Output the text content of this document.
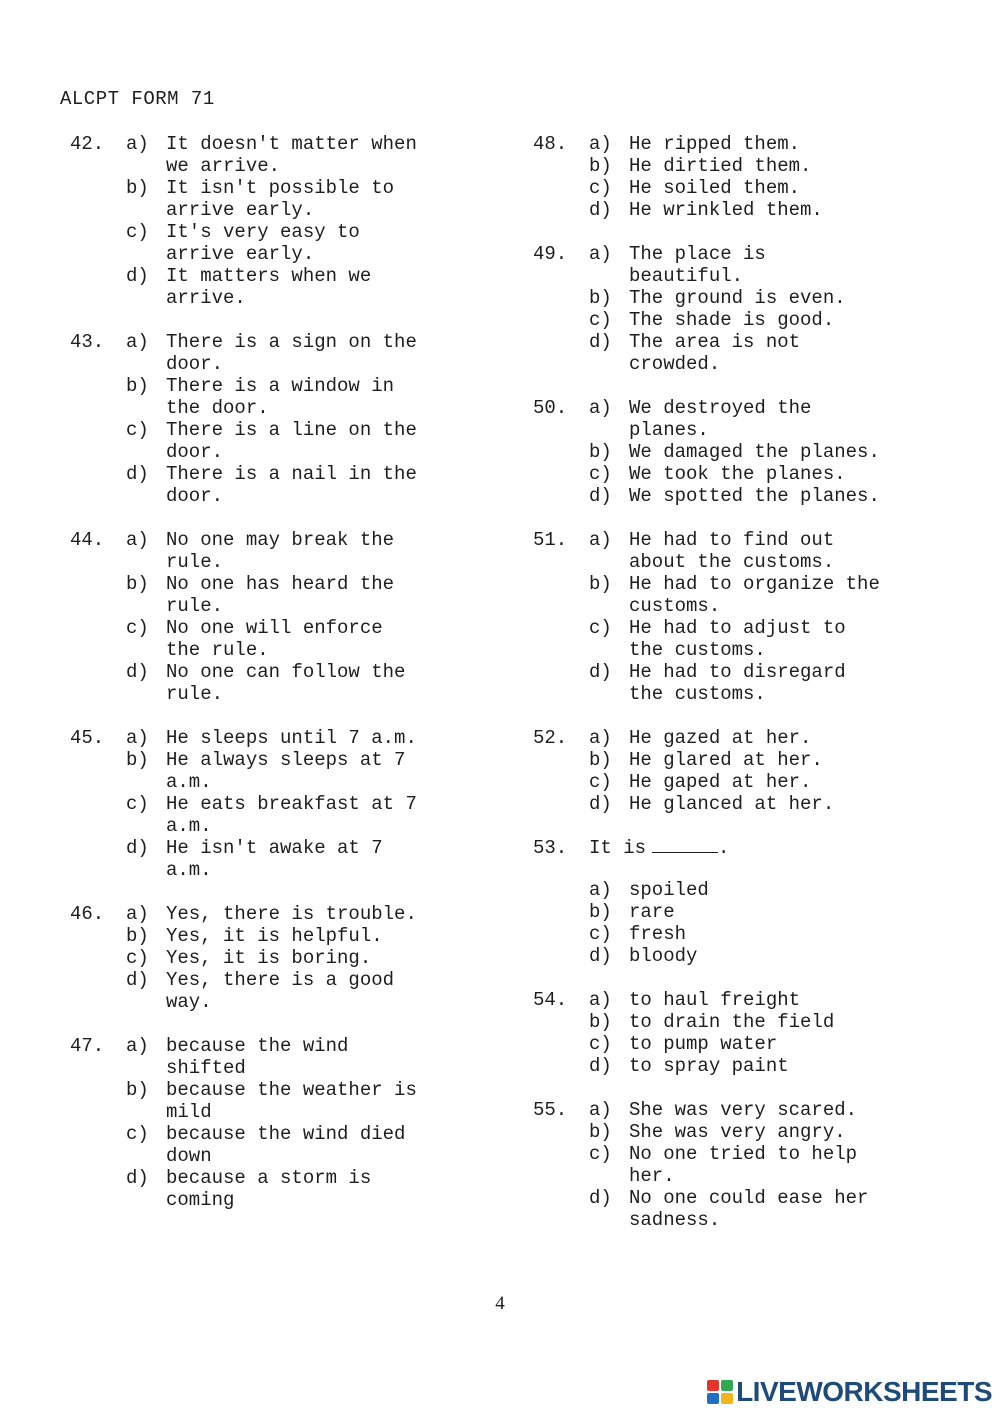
ALCPT FORM 71
42.	a) It doesn't matter when
we arrive.
b) It isn't possible to
arrive early.
c) It's very easy to
arrive early.
d) It matters when we
arrive.
43.	a) There is a sign on the
door.
b) There is a window in
the door.
c) There is a line on the
door.
d) There is a nail in the
door.
44.	a) No one may break the
rule.
b) No one has heard the
rule.
c) No one will enforce
the rule.
d) No one can follow the
rule.
45.	a) He sleeps until 7 a.m.
b) He always sleeps at 7
a.m.
c) He eats breakfast at 7
a.m.
d) He isn't awake at 7
a.m.
46.	a) Yes, there is trouble.
b) Yes, it is helpful.
c) Yes, it is boring.
d) Yes, there is a good
way.
47.	a) because the wind
shifted
b) because the weather is
mild
c) because the wind died
down
d) because a storm is
coming
48.	a) He ripped them.
b) He dirtied them.
c) He soiled them.
d) He wrinkled them.
49.	a) The place is
beautiful.
b) The ground is even.
c) The shade is good.
d) The area is not
crowded.
50.	a) We destroyed the
planes.
b) We damaged the planes.
c) We took the planes.
d) We spotted the planes.
51.	a) He had to find out
about the customs.
b) He had to organize the
customs.
c) He had to adjust to
the customs.
d) He had to disregard
the customs.
52.	a) He gazed at her.
b) He glared at her.
c) He gaped at her.
d) He glanced at her.
53.	It is	.
a) spoiled
b) rare
c) fresh
d) bloody
54.	a) to haul freight
b) to drain the field
c) to pump water
d) to spray paint
55.	a) She was very scared.
b) She was very angry.
c) No one tried to help
her.
d) No one could ease her
sadness.
4
LIVEWORKSHEETS
